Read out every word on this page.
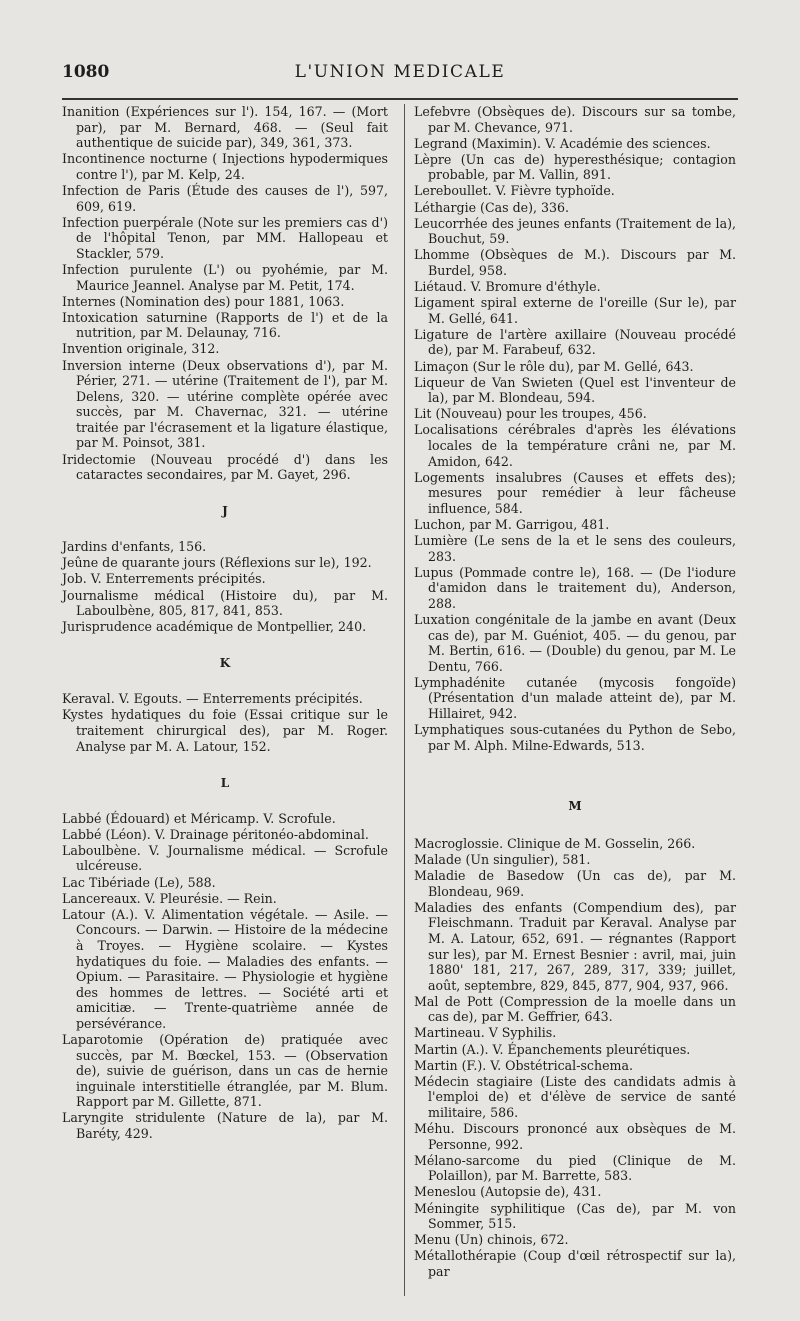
1080	L'UNION MEDICALE
Inanition (Expériences sur l'). 154, 167. — (Mort par), par M. Bernard, 468. — (Seul fait authentique de suicide par), 349, 361, 373.
Incontinence nocturne ( Injections hypodermiques contre l'), par M. Kelp, 24.
Infection de Paris (Étude des causes de l'), 597, 609, 619.
Infection puerpérale (Note sur les premiers cas d') de l'hôpital Tenon, par MM. Hallopeau et Stackler, 579.
Infection purulente (L') ou pyohémie, par M. Maurice Jeannel. Analyse par M. Petit, 174.
Internes (Nomination des) pour 1881, 1063.
Intoxication saturnine (Rapports de l') et de la nutrition, par M. Delaunay, 716.
Invention originale, 312.
Inversion interne (Deux observations d'), par M. Périer, 271. — utérine (Traitement de l'), par M. Delens, 320. — utérine complète opérée avec succès, par M. Chavernac, 321. — utérine traitée par l'écrasement et la ligature élastique, par M. Poinsot, 381.
Iridectomie (Nouveau procédé d') dans les cataractes secondaires, par M. Gayet, 296.
J
Jardins d'enfants, 156.
Jeûne de quarante jours (Réflexions sur le), 192.
Job. V. Enterrements précipités.
Journalisme médical (Histoire du), par M. Laboulbène, 805, 817, 841, 853.
Jurisprudence académique de Montpellier, 240.
K
Keraval. V. Egouts. — Enterrements précipités.
Kystes hydatiques du foie (Essai critique sur le traitement chirurgical des), par M. Roger. Analyse par M. A. Latour, 152.
L
Labbé (Édouard) et Méricamp. V. Scrofule.
Labbé (Léon). V. Drainage péritonéo-abdominal.
Laboulbène. V. Journalisme médical. — Scrofule ulcéreuse.
Lac Tibériade (Le), 588.
Lancereaux. V. Pleurésie. — Rein.
Latour (A.). V. Alimentation végétale. — Asile. — Concours. — Darwin. — Histoire de la médecine à Troyes. — Hygiène scolaire. — Kystes hydatiques du foie. — Maladies des enfants. — Opium. — Parasitaire. — Physiologie et hygiène des hommes de lettres. — Société arti et amicitiæ. — Trente-quatrième année de persévérance.
Laparotomie (Opération de) pratiquée avec succès, par M. Bœckel, 153. — (Observation de), suivie de guérison, dans un cas de hernie inguinale interstitielle étranglée, par M. Blum. Rapport par M. Gillette, 871.
Laryngite stridulente (Nature de la), par M. Baréty, 429.
Lefebvre (Obsèques de). Discours sur sa tombe, par M. Chevance, 971.
Legrand (Maximin). V. Académie des sciences.
Lèpre (Un cas de) hyperesthésique; contagion probable, par M. Vallin, 891.
Lereboullet. V. Fièvre typhoïde.
Léthargie (Cas de), 336.
Leucorrhée des jeunes enfants (Traitement de la), Bouchut, 59.
Lhomme (Obsèques de M.). Discours par M. Burdel, 958.
Liétaud. V. Bromure d'éthyle.
Ligament spiral externe de l'oreille (Sur le), par M. Gellé, 641.
Ligature de l'artère axillaire (Nouveau procédé de), par M. Farabeuf, 632.
Limaçon (Sur le rôle du), par M. Gellé, 643.
Liqueur de Van Swieten (Quel est l'inventeur de la), par M. Blondeau, 594.
Lit (Nouveau) pour les troupes, 456.
Localisations cérébrales d'après les élévations locales de la température crâni ne, par M. Amidon, 642.
Logements insalubres (Causes et effets des); mesures pour remédier à leur fâcheuse influence, 584.
Luchon, par M. Garrigou, 481.
Lumière (Le sens de la et le sens des couleurs, 283.
Lupus (Pommade contre le), 168. — (De l'iodure d'amidon dans le traitement du), Anderson, 288.
Luxation congénitale de la jambe en avant (Deux cas de), par M. Guéniot, 405. — du genou, par M. Bertin, 616. — (Double) du genou, par M. Le Dentu, 766.
Lymphadénite cutanée (mycosis fongoïde) (Présentation d'un malade atteint de), par M. Hillairet, 942.
Lymphatiques sous-cutanées du Python de Sebo, par M. Alph. Milne-Edwards, 513.
M
Macroglossie. Clinique de M. Gosselin, 266.
Malade (Un singulier), 581.
Maladie de Basedow (Un cas de), par M. Blondeau, 969.
Maladies des enfants (Compendium des), par Fleischmann. Traduit par Keraval. Analyse par M. A. Latour, 652, 691. — régnantes (Rapport sur les), par M. Ernest Besnier : avril, mai, juin 1880' 181, 217, 267, 289, 317, 339; juillet, août, septembre, 829, 845, 877, 904, 937, 966.
Mal de Pott (Compression de la moelle dans un cas de), par M. Geffrier, 643.
Martineau. V Syphilis.
Martin (A.). V. Épanchements pleurétiques.
Martin (F.). V. Obstétrical-schema.
Médecin stagiaire (Liste des candidats admis à l'emploi de) et d'élève de service de santé militaire, 586.
Méhu. Discours prononcé aux obsèques de M. Personne, 992.
Mélano-sarcome du pied (Clinique de M. Polaillon), par M. Barrette, 583.
Meneslou (Autopsie de), 431.
Méningite syphilitique (Cas de), par M. von Sommer, 515.
Menu (Un) chinois, 672.
Métallothérapie (Coup d'œil rétrospectif sur la), par
